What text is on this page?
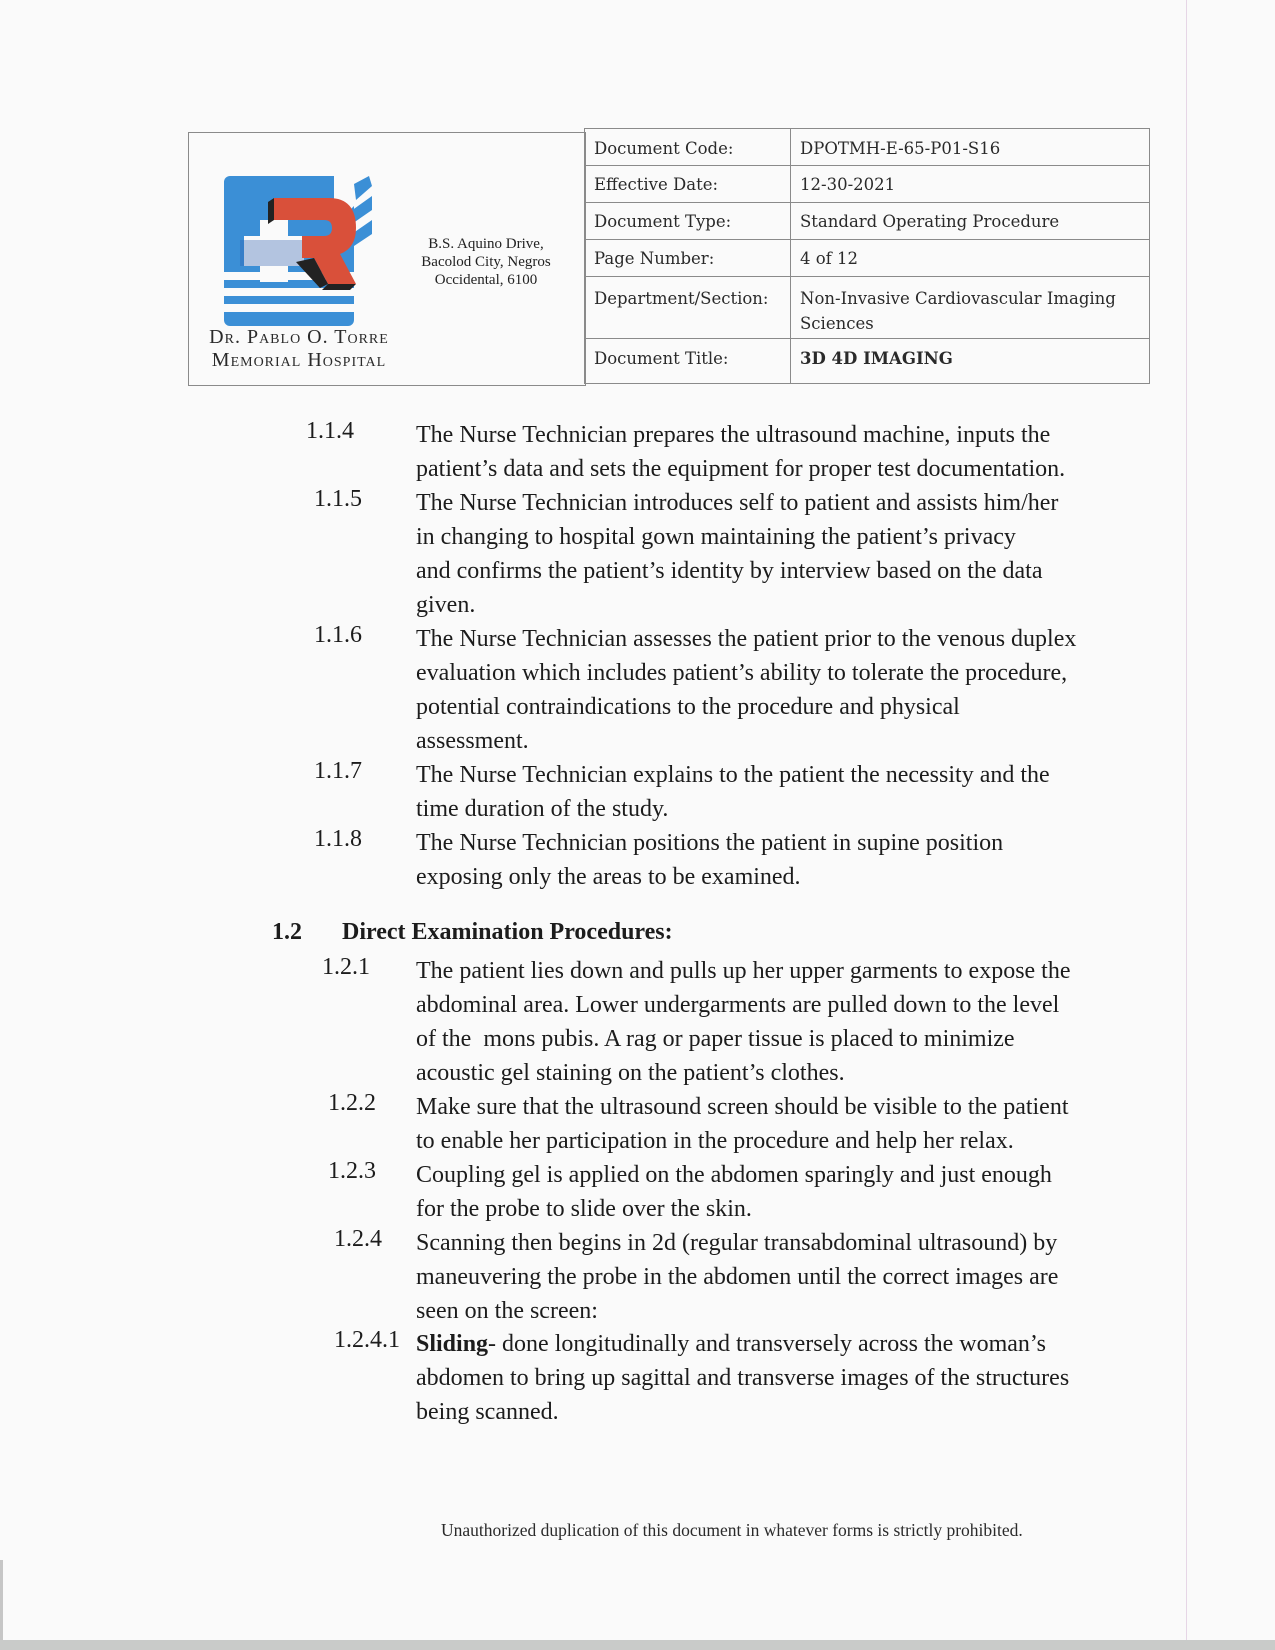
Dr. Pablo O. Torre
Memorial Hospital
B.S. Aquino Drive, Bacolod City, Negros Occidental, 6100
Document Code:	DPOTMH-E-65-P01-S16
Effective Date:	12-30-2021
Document Type:	Standard Operating Procedure
Page Number:	4 of 12
Department/Section:	Non-Invasive Cardiovascular Imaging Sciences
Document Title:	3D 4D IMAGING
1.1.4	The Nurse Technician prepares the ultrasound machine, inputs the
patient’s data and sets the equipment for proper test documentation.
1.1.5 The Nurse Technician introduces self to patient and assists him/her
in changing to hospital gown maintaining the patient’s privacy
and confirms the patient’s identity by interview based on the data
given.
1.1.6 The Nurse Technician assesses the patient prior to the venous duplex
evaluation which includes patient’s ability to tolerate the procedure,
potential contraindications to the procedure and physical
assessment.
1.1.7 The Nurse Technician explains to the patient the necessity and the
time duration of the study.
1.1.8 The Nurse Technician positions the patient in supine position
exposing only the areas to be examined.
1.2 Direct Examination Procedures:
1.2.1 The patient lies down and pulls up her upper garments to expose the
abdominal area. Lower undergarments are pulled down to the level
of the  mons pubis. A rag or paper tissue is placed to minimize
acoustic gel staining on the patient’s clothes.
1.2.2 Make sure that the ultrasound screen should be visible to the patient
to enable her participation in the procedure and help her relax.
1.2.3 Coupling gel is applied on the abdomen sparingly and just enough
for the probe to slide over the skin.
1.2.4 Scanning then begins in 2d (regular transabdominal ultrasound) by
maneuvering the probe in the abdomen until the correct images are
seen on the screen:
1.2.4.1 Sliding- done longitudinally and transversely across the woman’s
abdomen to bring up sagittal and transverse images of the structures
being scanned.
Unauthorized duplication of this document in whatever forms is strictly prohibited.
